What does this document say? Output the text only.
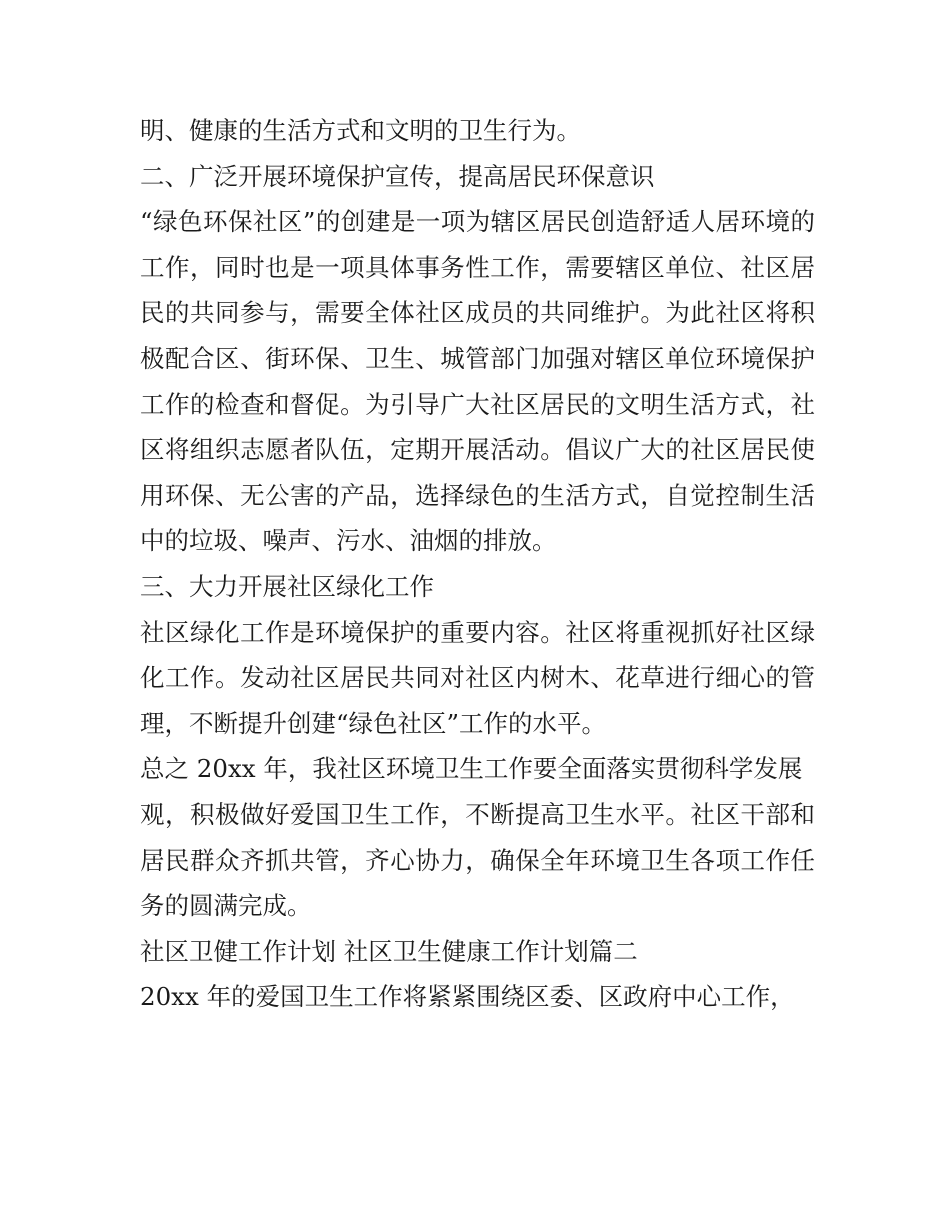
明、健康的生活方式和文明的卫生行为。
二、广泛开展环境保护宣传，提高居民环保意识
“绿色环保社区”的创建是一项为辖区居民创造舒适人居环境的
工作，同时也是一项具体事务性工作，需要辖区单位、社区居
民的共同参与，需要全体社区成员的共同维护。为此社区将积
极配合区、街环保、卫生、城管部门加强对辖区单位环境保护
工作的检查和督促。为引导广大社区居民的文明生活方式，社
区将组织志愿者队伍，定期开展活动。倡议广大的社区居民使
用环保、无公害的产品，选择绿色的生活方式，自觉控制生活
中的垃圾、噪声、污水、油烟的排放。
三、大力开展社区绿化工作
社区绿化工作是环境保护的重要内容。社区将重视抓好社区绿
化工作。发动社区居民共同对社区内树木、花草进行细心的管
理，不断提升创建“绿色社区”工作的水平。
总之 20xx 年，我社区环境卫生工作要全面落实贯彻科学发展
观，积极做好爱国卫生工作，不断提高卫生水平。社区干部和
居民群众齐抓共管，齐心协力，确保全年环境卫生各项工作任
务的圆满完成。
社区卫健工作计划 社区卫生健康工作计划篇二
20xx 年的爱国卫生工作将紧紧围绕区委、区政府中心工作，
